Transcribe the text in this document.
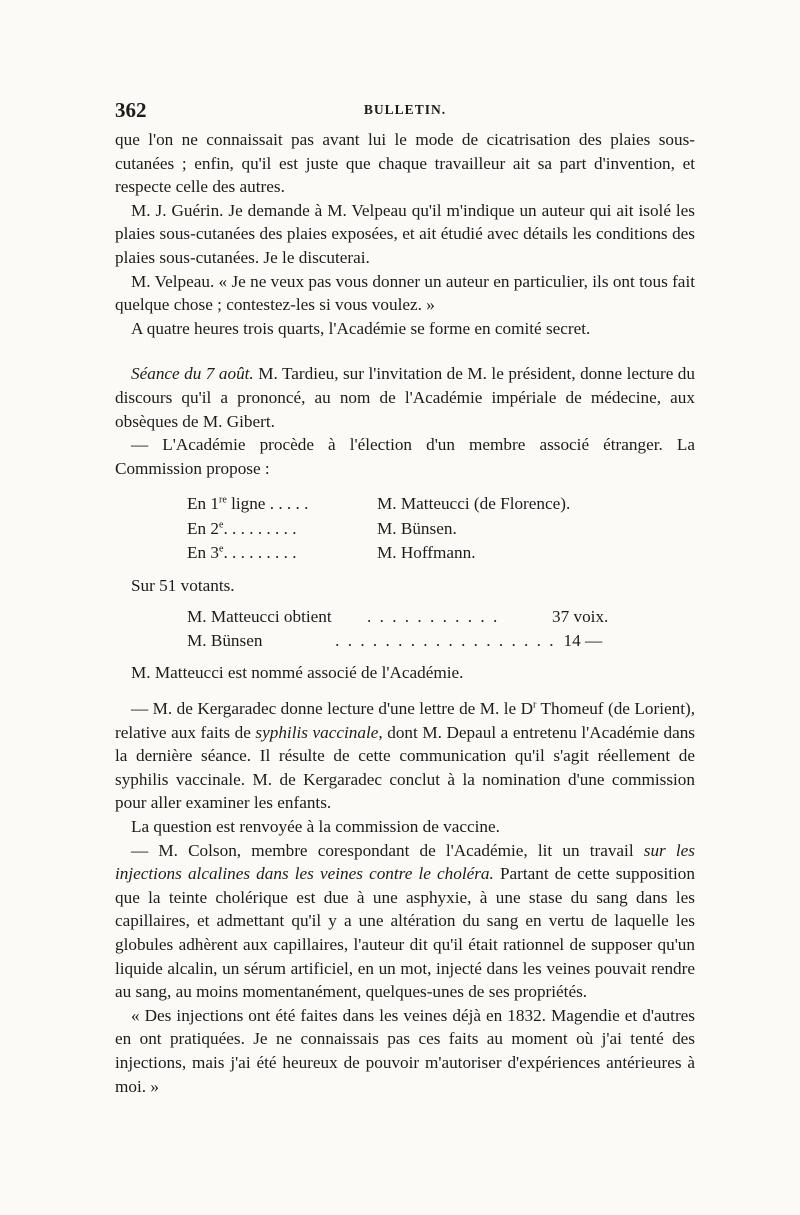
362	BULLETIN.

que l'on ne connaissait pas avant lui le mode de cicatrisation des plaies sous-cutanées ; enfin, qu'il est juste que chaque travailleur ait sa part d'invention, et respecte celle des autres.

M. J. Guérin. Je demande à M. Velpeau qu'il m'indique un auteur qui ait isolé les plaies sous-cutanées des plaies exposées, et ait étudié avec détails les conditions des plaies sous-cutanées. Je le discuterai.

M. Velpeau. « Je ne veux pas vous donner un auteur en particulier, ils ont tous fait quelque chose ; contestez-les si vous voulez. »

A quatre heures trois quarts, l'Académie se forme en comité secret.

Séance du 7 août. M. Tardieu, sur l'invitation de M. le président, donne lecture du discours qu'il a prononcé, au nom de l'Académie impériale de médecine, aux obsèques de M. Gibert.

— L'Académie procède à l'élection d'un membre associé étranger. La Commission propose :

En 1re ligne . . . . .	M. Matteucci (de Florence).
En 2e. . . . . . . . .	M. Bünsen.
En 3e. . . . . . . . .	M. Hoffmann.

Sur 51 votants.

M. Matteucci obtient	. . . . . . . . . . .	37 voix.
M. Bünsen	. . . . . . . . . . . . . . . . . . 14 —

M. Matteucci est nommé associé de l'Académie.

— M. de Kergaradec donne lecture d'une lettre de M. le $D^r$ Thomeuf (de Lorient), relative aux faits de syphilis vaccinale, dont M. Depaul a entretenu l'Académie dans la dernière séance. Il résulte de cette communication qu'il s'agit réellement de syphilis vaccinale. M. de Kergaradec conclut à la nomination d'une commission pour aller examiner les enfants.

La question est renvoyée à la commission de vaccine.

— M. Colson, membre corespondant de l'Académie, lit un travail sur les injections alcalines dans les veines contre le choléra. Partant de cette supposition que la teinte cholérique est due à une asphyxie, à une stase du sang dans les capillaires, et admettant qu'il y a une altération du sang en vertu de laquelle les globules adhèrent aux capillaires, l'auteur dit qu'il était rationnel de supposer qu'un liquide alcalin, un sérum artificiel, en un mot, injecté dans les veines pouvait rendre au sang, au moins momentanément, quelques-unes de ses propriétés.

« Des injections ont été faites dans les veines déjà en 1832. Magendie et d'autres en ont pratiquées. Je ne connaissais pas ces faits au moment où j'ai tenté des injections, mais j'ai été heureux de pouvoir m'autoriser d'expériences antérieures à moi. »
